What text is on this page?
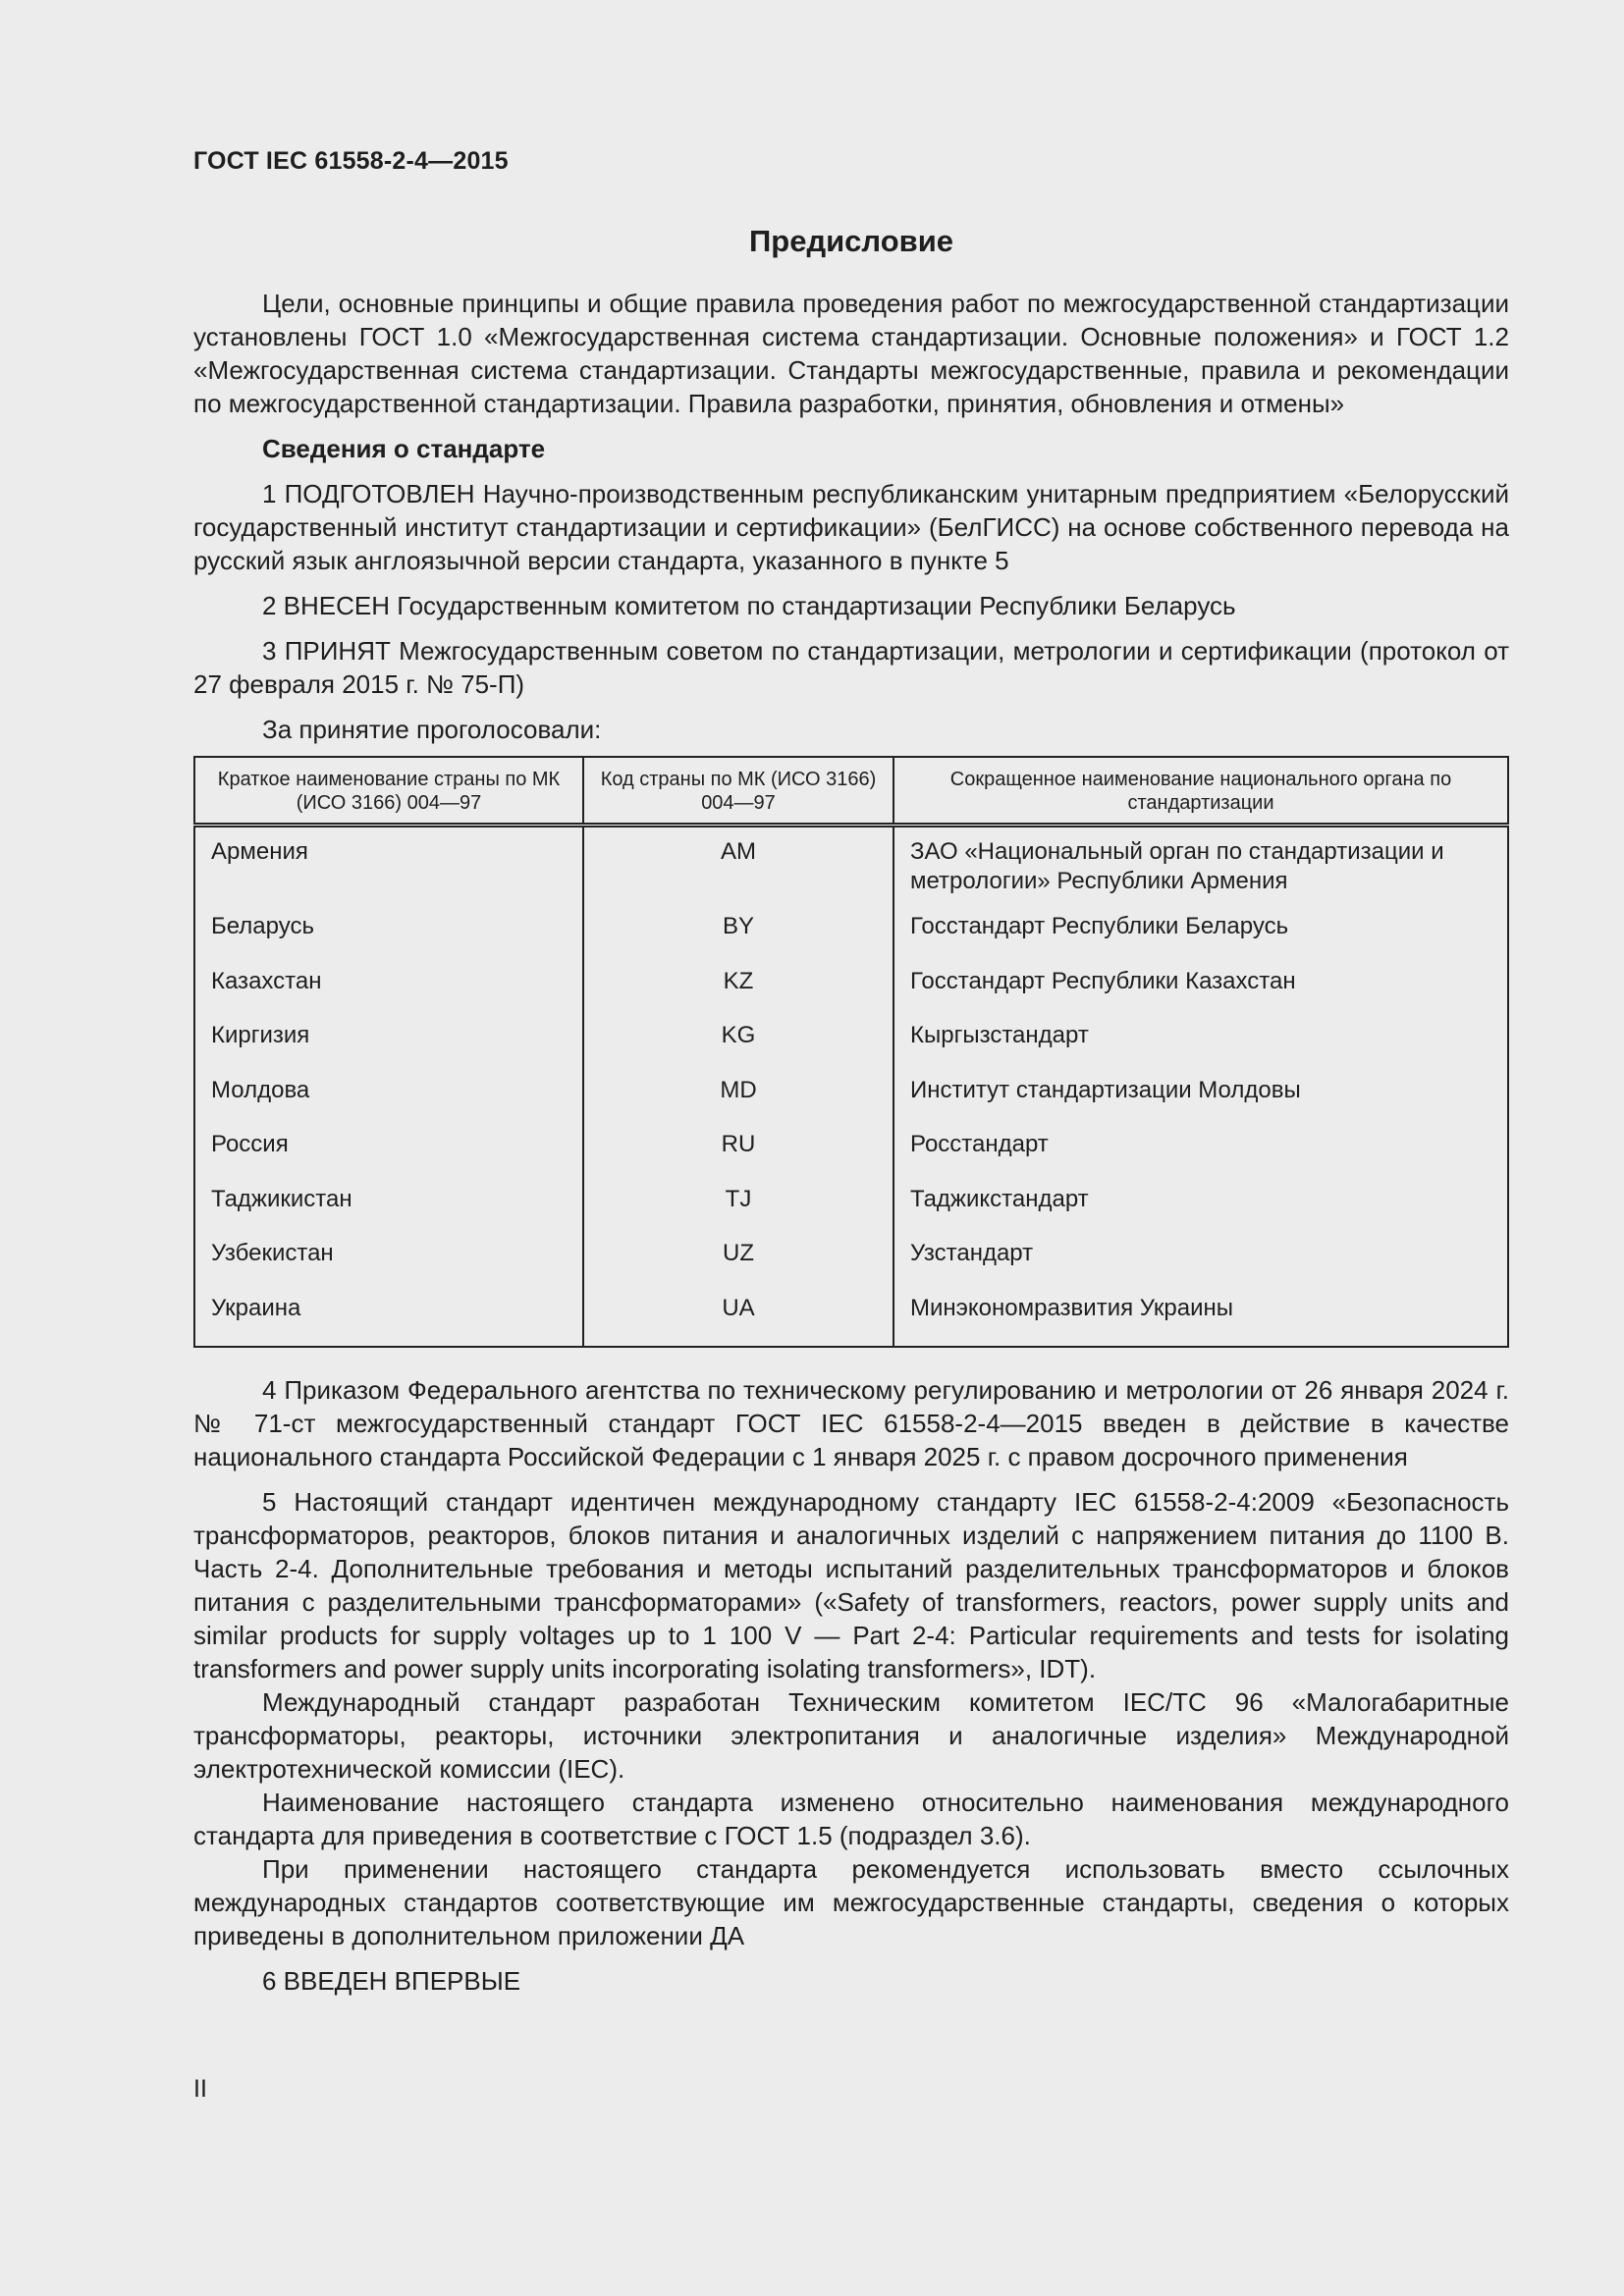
ГОСТ IEC 61558-2-4—2015
Предисловие

Цели, основные принципы и общие правила проведения работ по межгосударственной стандартизации установлены ГОСТ 1.0 «Межгосударственная система стандартизации. Основные положения» и ГОСТ 1.2 «Межгосударственная система стандартизации. Стандарты межгосударственные, правила и рекомендации по межгосударственной стандартизации. Правила разработки, принятия, обновления и отмены»

Сведения о стандарте

1 ПОДГОТОВЛЕН Научно-производственным республиканским унитарным предприятием «Белорусский государственный институт стандартизации и сертификации» (БелГИСС) на основе собственного перевода на русский язык англоязычной версии стандарта, указанного в пункте 5

2 ВНЕСЕН Государственным комитетом по стандартизации Республики Беларусь

3 ПРИНЯТ Межгосударственным советом по стандартизации, метрологии и сертификации (протокол от 27 февраля 2015 г. № 75-П)

За принятие проголосовали:

Краткое наименование страны по МК (ИСО 3166) 004—97	Код страны по МК (ИСО 3166) 004—97	Сокращенное наименование национального органа по стандартизации
Армения	AM	ЗАО «Национальный орган по стандартизации и метрологии» Республики Армения
Беларусь	BY	Госстандарт Республики Беларусь
Казахстан	KZ	Госстандарт Республики Казахстан
Киргизия	KG	Кыргызстандарт
Молдова	MD	Институт стандартизации Молдовы
Россия	RU	Росстандарт
Таджикистан	TJ	Таджикстандарт
Узбекистан	UZ	Узстандарт
Украина	UA	Минэкономразвития Украины

4 Приказом Федерального агентства по техническому регулированию и метрологии от 26 января 2024 г. № 71-ст межгосударственный стандарт ГОСТ IEC 61558-2-4—2015 введен в действие в качестве национального стандарта Российской Федерации с 1 января 2025 г. с правом досрочного применения

5 Настоящий стандарт идентичен международному стандарту IEC 61558-2-4:2009 «Безопасность трансформаторов, реакторов, блоков питания и аналогичных изделий с напряжением питания до 1100 В. Часть 2-4. Дополнительные требования и методы испытаний разделительных трансформаторов и блоков питания с разделительными трансформаторами» («Safety of transformers, reactors, power supply units and similar products for supply voltages up to 1 100 V — Part 2-4: Particular requirements and tests for isolating transformers and power supply units incorporating isolating transformers», IDT).

Международный стандарт разработан Техническим комитетом IEC/TC 96 «Малогабаритные трансформаторы, реакторы, источники электропитания и аналогичные изделия» Международной электротехнической комиссии (IEC).

Наименование настоящего стандарта изменено относительно наименования международного стандарта для приведения в соответствие с ГОСТ 1.5 (подраздел 3.6).

При применении настоящего стандарта рекомендуется использовать вместо ссылочных международных стандартов соответствующие им межгосударственные стандарты, сведения о которых приведены в дополнительном приложении ДА

6 ВВЕДЕН ВПЕРВЫЕ

II
